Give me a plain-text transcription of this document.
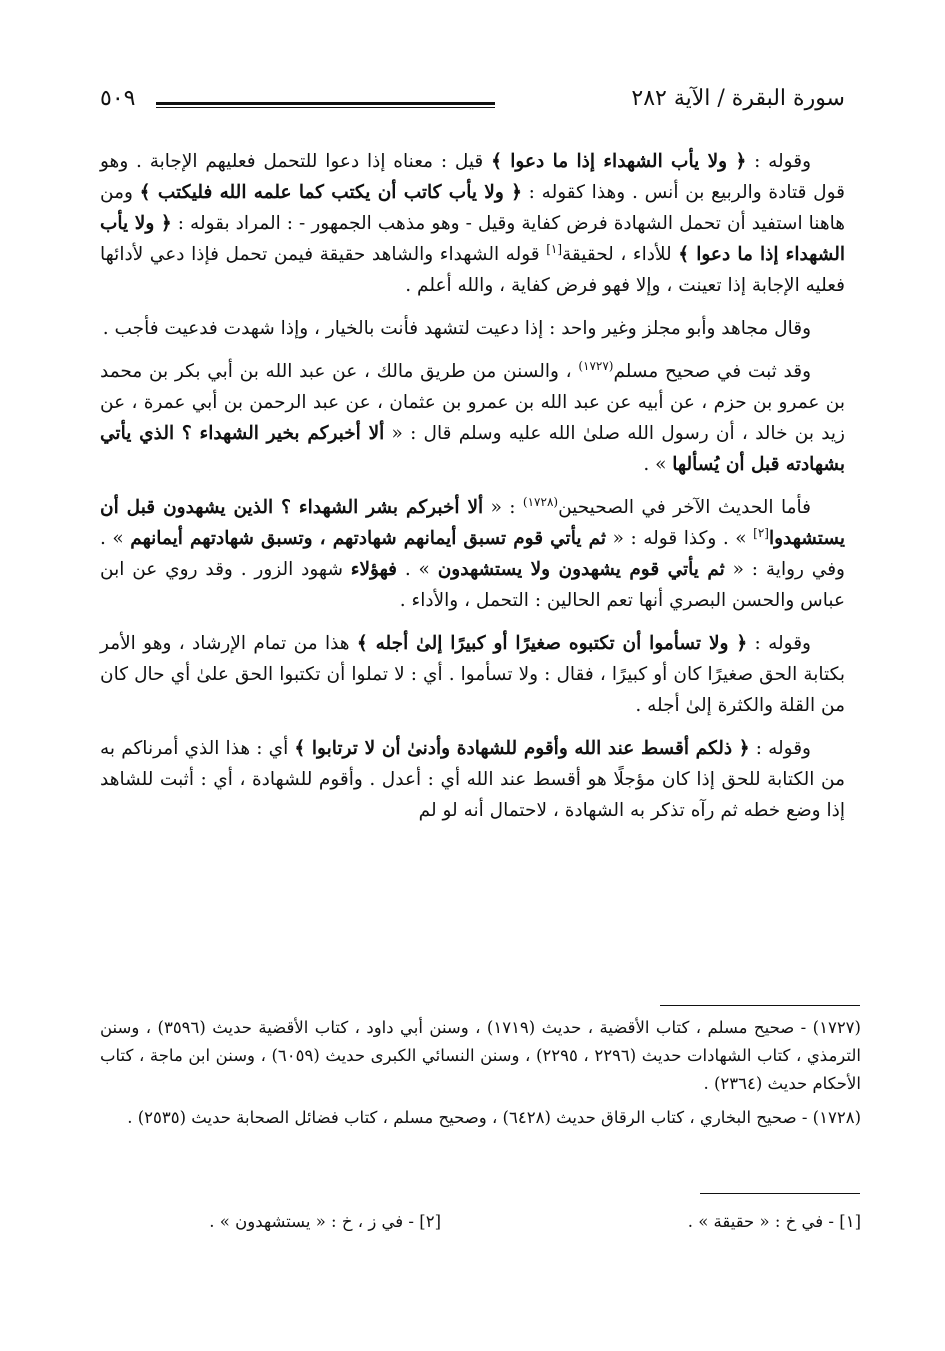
سورة البقرة / الآية ٢٨٢
٥٠٩

وقوله : ﴿ ولا يأب الشهداء إذا ما دعوا ﴾ قيل : معناه إذا دعوا للتحمل فعليهم الإجابة . وهو قول قتادة والربيع بن أنس . وهذا كقوله : ﴿ ولا يأب كاتب أن يكتب كما علمه الله فليكتب ﴾ ومن هاهنا استفيد أن تحمل الشهادة فرض كفاية وقيل - وهو مذهب الجمهور - : المراد بقوله : ﴿ ولا يأب الشهداء إذا ما دعوا ﴾ للأداء ، لحقيقة[١] قوله الشهداء والشاهد حقيقة فيمن تحمل فإذا دعي لأدائها فعليه الإجابة إذا تعينت ، وإلا فهو فرض كفاية ، والله أعلم .

وقال مجاهد وأبو مجلز وغير واحد : إذا دعيت لتشهد فأنت بالخيار ، وإذا شهدت فدعيت فأجب .

وقد ثبت في صحيح مسلم$^{(١٧٢٧)}$ ، والسنن من طريق مالك ، عن عبد الله بن أبي بكر بن محمد بن عمرو بن حزم ، عن أبيه عن عبد الله بن عمرو بن عثمان ، عن عبد الرحمن بن أبي عمرة ، عن زيد بن خالد ، أن رسول الله صلىٰ الله عليه وسلم قال : « ألا أخبركم بخير الشهداء ؟ الذي يأتي بشهادته قبل أن يُسألها » .

فأما الحديث الآخر في الصحيحين$^{(١٧٢٨)}$ : « ألا أخبركم بشر الشهداء ؟ الذين يشهدون قبل أن يستشهدوا[٢] » . وكذا قوله : « ثم يأتي قوم تسبق أيمانهم شهادتهم ، وتسبق شهادتهم أيمانهم » . وفي رواية : « ثم يأتي قوم يشهدون ولا يستشهدون » . فهؤلاء شهود الزور . وقد روي عن ابن عباس والحسن البصري أنها تعم الحالين : التحمل ، والأداء .

وقوله : ﴿ ولا تسأموا أن تكتبوه صغيرًا أو كبيرًا إلىٰ أجله ﴾ هذا من تمام الإرشاد ، وهو الأمر بكتابة الحق صغيرًا كان أو كبيرًا ، فقال : ولا تسأموا . أي : لا تملوا أن تكتبوا الحق علىٰ أي حال كان من القلة والكثرة إلىٰ أجله .

وقوله : ﴿ ذلكم أقسط عند الله وأقوم للشهادة وأدنىٰ أن لا ترتابوا ﴾ أي : هذا الذي أمرناكم به من الكتابة للحق إذا كان مؤجلًا هو أقسط عند الله أي : أعدل . وأقوم للشهادة ، أي : أثبت للشاهد إذا وضع خطه ثم رآه تذكر به الشهادة ، لاحتمال أنه لو لم

(١٧٢٧) - صحيح مسلم ، كتاب الأقضية ، حديث (١٧١٩) ، وسنن أبي داود ، كتاب الأقضية حديث (٣٥٩٦) ، وسنن الترمذي ، كتاب الشهادات حديث (٢٢٩٦ ، ٢٢٩٥) ، وسنن النسائي الكبرى حديث (٦٠٥٩) ، وسنن ابن ماجة ، كتاب الأحكام حديث (٢٣٦٤) .

(١٧٢٨) - صحيح البخاري ، كتاب الرقاق حديث (٦٤٢٨) ، وصحيح مسلم ، كتاب فضائل الصحابة حديث (٢٥٣٥) .

[١] - في خ : « حقيقة » .
[٢] - في ز ، خ : « يستشهدون » .
